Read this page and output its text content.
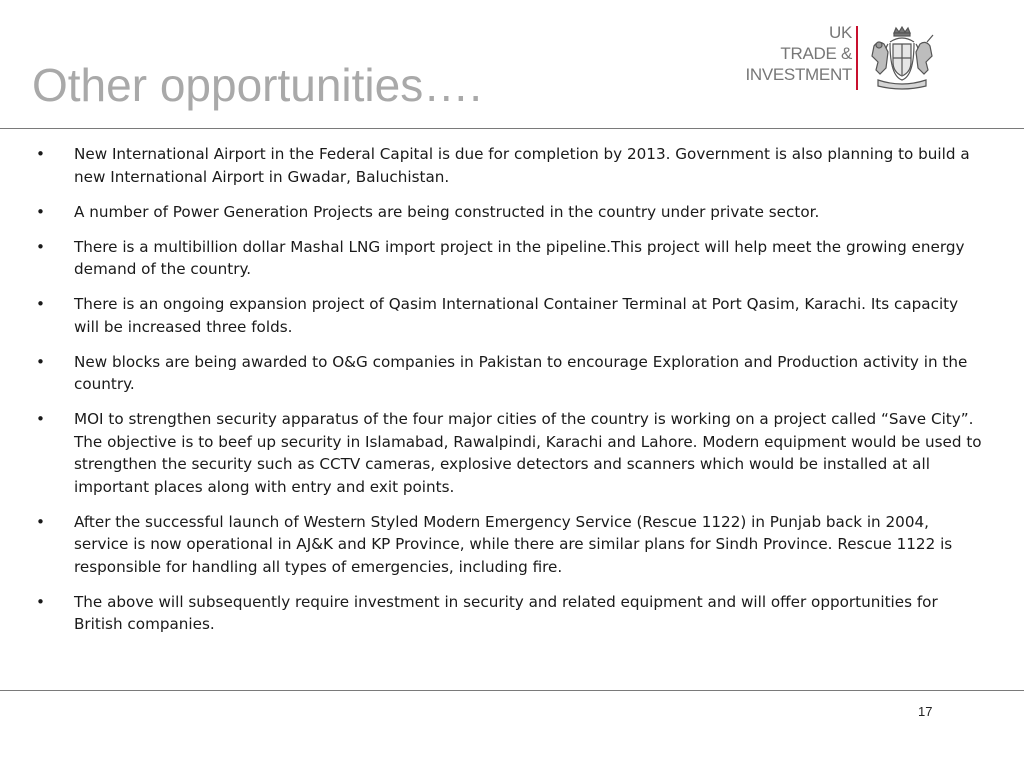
Other opportunities….
UK
TRADE &
INVESTMENT
• New International Airport in the Federal Capital is due for completion by 2013. Government is also planning to build a new International Airport in Gwadar, Baluchistan.
• A number of Power Generation Projects are being constructed in the country under private sector.
• There is a multibillion dollar Mashal LNG import project in the pipeline.This project will help meet the growing energy demand of the country.
• There is an ongoing expansion project of Qasim International Container Terminal at Port Qasim, Karachi. Its capacity will be increased three folds.
• New blocks are being awarded to O&G companies in Pakistan to encourage Exploration and Production activity in the country.
• MOI to strengthen security apparatus of the four major cities of the country is working on a project called “Save City”. The objective is to beef up security in Islamabad, Rawalpindi, Karachi and Lahore. Modern equipment would be used to strengthen the security such as CCTV cameras, explosive detectors and scanners which would be installed at all important places along with entry and exit points.
• After the successful launch of Western Styled Modern Emergency Service (Rescue 1122) in Punjab back in 2004, service is now operational in AJ&K and KP Province, while there are similar plans for Sindh Province. Rescue 1122 is responsible for handling all types of emergencies, including fire.
• The above will subsequently require investment in security and related equipment and will offer opportunities for British companies.
17
